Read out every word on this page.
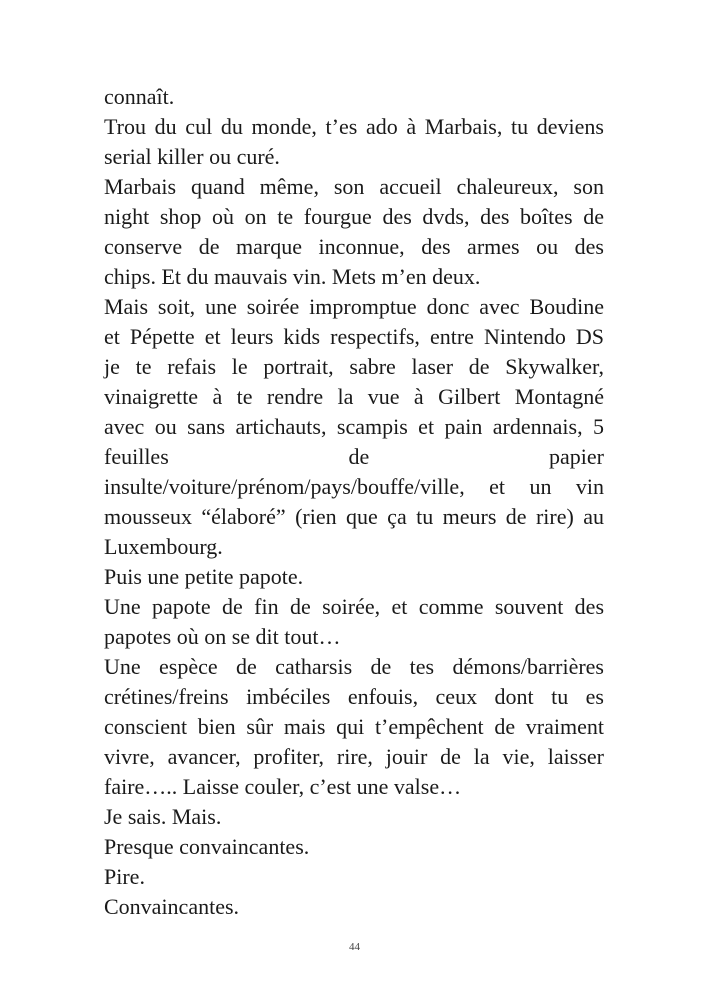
connaît.
Trou du cul du monde, t’es ado à Marbais, tu deviens
serial killer ou curé.
Marbais quand même, son accueil chaleureux, son
night shop où on te fourgue des dvds, des boîtes de
conserve de marque inconnue, des armes ou des
chips. Et du mauvais vin. Mets m’en deux.
Mais soit, une soirée impromptue donc avec Boudine
et Pépette et leurs kids respectifs, entre Nintendo DS
je te refais le portrait, sabre laser de Skywalker,
vinaigrette à te rendre la vue à Gilbert Montagné
avec ou sans artichauts, scampis et pain ardennais, 5
feuilles de papier
insulte/voiture/prénom/pays/bouffe/ville, et un vin
mousseux “élaboré” (rien que ça tu meurs de rire) au
Luxembourg.
Puis une petite papote.
Une papote de fin de soirée, et comme souvent des
papotes où on se dit tout…
Une espèce de catharsis de tes démons/barrières
crétines/freins imbéciles enfouis, ceux dont tu es
conscient bien sûr mais qui t’empêchent de vraiment
vivre, avancer, profiter, rire, jouir de la vie, laisser
faire….. Laisse couler, c’est une valse…
Je sais. Mais.
Presque convaincantes.
Pire.
Convaincantes.
44
